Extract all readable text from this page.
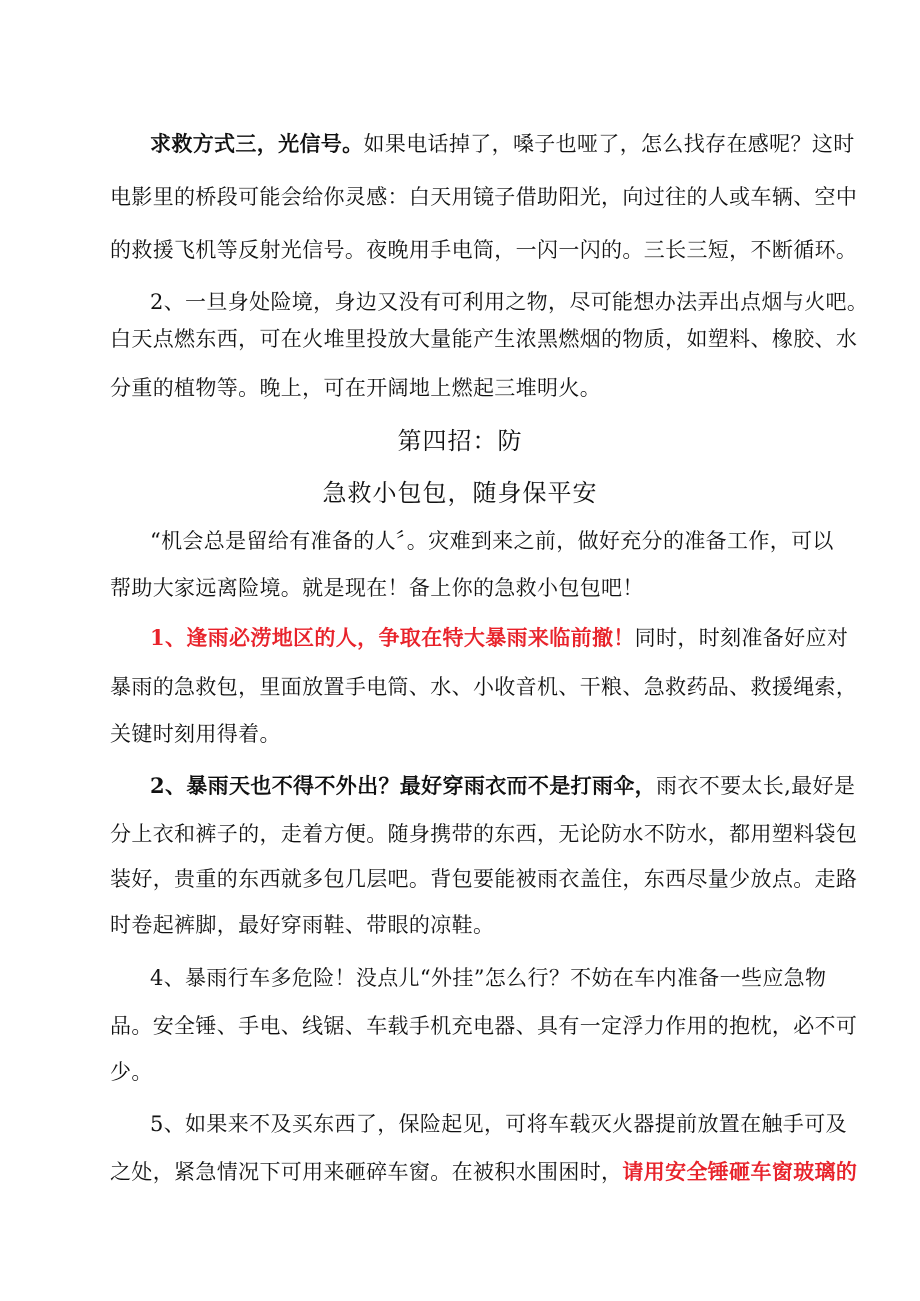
求救方式三，光信号。如果电话掉了，嗓子也哑了，怎么找存在感呢？这时
电影里的桥段可能会给你灵感：白天用镜子借助阳光，向过往的人或车辆、空中
的救援飞机等反射光信号。夜晚用手电筒，一闪一闪的。三长三短，不断循环。
2、一旦身处险境，身边又没有可利用之物，尽可能想办法弄出点烟与火吧。
白天点燃东西，可在火堆里投放大量能产生浓黑燃烟的物质，如塑料、橡胶、水
分重的植物等。晚上，可在开阔地上燃起三堆明火。
第四招：防
急救小包包，随身保平安
“机会总是留给有准备的人〞。灾难到来之前，做好充分的准备工作，可以
帮助大家远离险境。就是现在！备上你的急救小包包吧！
1、逢雨必涝地区的人，争取在特大暴雨来临前撤！同时，时刻准备好应对
暴雨的急救包，里面放置手电筒、水、小收音机、干粮、急救药品、救援绳索，
关键时刻用得着。
2、暴雨天也不得不外出？最好穿雨衣而不是打雨伞，雨衣不要太长,最好是
分上衣和裤子的，走着方便。随身携带的东西，无论防水不防水，都用塑料袋包
装好，贵重的东西就多包几层吧。背包要能被雨衣盖住，东西尽量少放点。走路
时卷起裤脚，最好穿雨鞋、带眼的凉鞋。
4、暴雨行车多危险！没点儿“外挂”怎么行？不妨在车内准备一些应急物
品。安全锤、手电、线锯、车载手机充电器、具有一定浮力作用的抱枕，必不可
少。
5、如果来不及买东西了，保险起见，可将车载灭火器提前放置在触手可及
之处，紧急情况下可用来砸碎车窗。在被积水围困时，请用安全锤砸车窗玻璃的
